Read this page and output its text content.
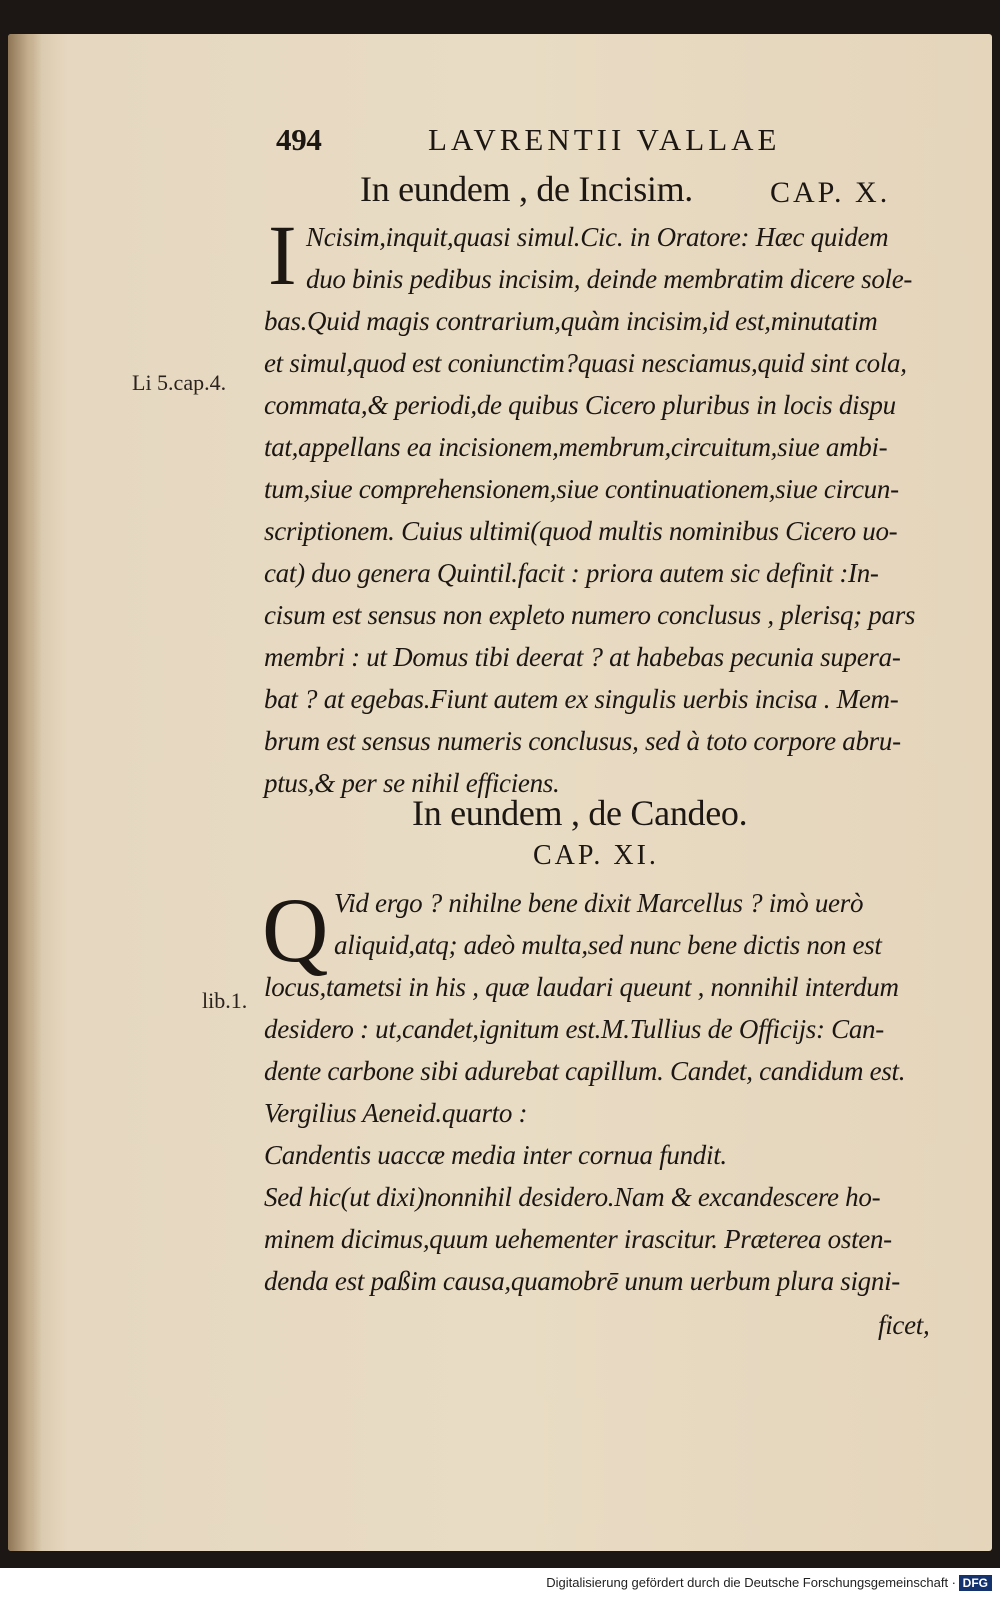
494	LAVRENTII VALLAE
In eundem , de Incisim.	CAP. X.
I Ncisim,inquit,quasi simul.Cic. in Oratore: Hæc quidem
duo binis pedibus incisim, deinde membratim dicere sole-
bas.Quid magis contrarium,quàm incisim,id est,minutatim
et simul,quod est coniunctim?quasi nesciamus,quid sint cola,
commata,& periodi,de quibus Cicero pluribus in locis dispu
tat,appellans ea incisionem,membrum,circuitum,siue ambi-
tum,siue comprehensionem,siue continuationem,siue circun-
scriptionem. Cuius ultimi(quod multis nominibus Cicero uo-
cat) duo genera Quintil.facit : priora autem sic definit :In-
cisum est sensus non expleto numero conclusus , plerisq; pars
membri : ut Domus tibi deerat ? at habebas pecunia supera-
bat ? at egebas.Fiunt autem ex singulis uerbis incisa . Mem-
brum est sensus numeris conclusus, sed à toto corpore abru-
ptus,& per se nihil efficiens.
In eundem , de Candeo.
CAP. XI.
Q Vid ergo ? nihilne bene dixit Marcellus ? imò uerò
aliquid,atq; adeò multa,sed nunc bene dictis non est
locus,tametsi in his , quæ laudari queunt , nonnihil interdum
desidero : ut,candet,ignitum est.M.Tullius de Officijs: Can-
dente carbone sibi adurebat capillum. Candet, candidum est.
Vergilius Aeneid.quarto :
Candentis uaccæ media inter cornua fundit.
Sed hic(ut dixi)nonnihil desidero.Nam & excandescere ho-
minem dicimus,quum uehementer irascitur. Præterea osten-
denda est paßim causa,quamobrē unum uerbum plura signi-
ficet,
Li 5.cap.4.
lib.1.
Digitalisierung gefördert durch die Deutsche Forschungsgemeinschaft · DFG
